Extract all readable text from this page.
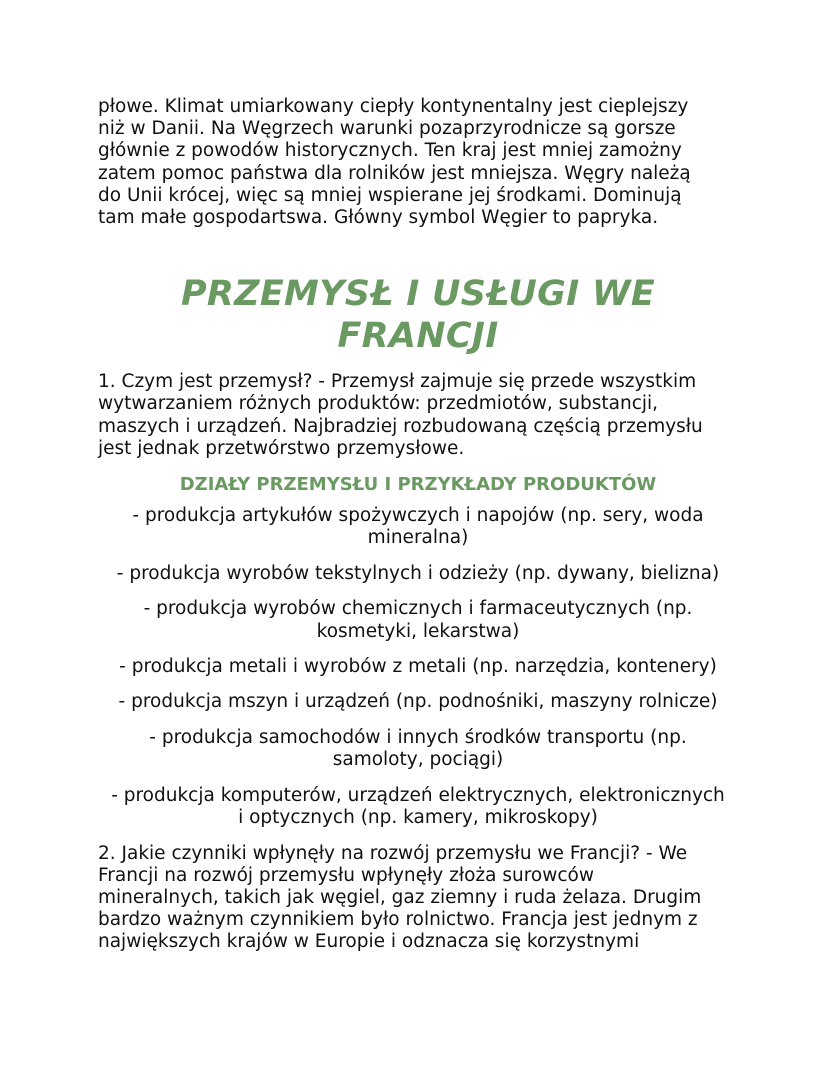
płowe. Klimat umiarkowany ciepły kontynentalny jest cieplejszy
niż w Danii. Na Węgrzech warunki pozaprzyrodnicze są gorsze
głównie z powodów historycznych. Ten kraj jest mniej zamożny
zatem pomoc państwa dla rolników jest mniejsza. Węgry należą
do Unii krócej, więc są mniej wspierane jej środkami. Dominują
tam małe gospodartswa. Główny symbol Węgier to papryka.

PRZEMYSŁ I USŁUGI WE
FRANCJI

1. Czym jest przemysł? - Przemysł zajmuje się przede wszystkim
wytwarzaniem różnych produktów: przedmiotów, substancji,
maszych i urządzeń. Najbradziej rozbudowaną częścią przemysłu
jest jednak przetwórstwo przemysłowe.

DZIAŁY PRZEMYSŁU I PRZYKŁADY PRODUKTÓW
- produkcja artykułów spożywczych i napojów (np. sery, woda
mineralna)
- produkcja wyrobów tekstylnych i odzieży (np. dywany, bielizna)
- produkcja wyrobów chemicznych i farmaceutycznych (np.
kosmetyki, lekarstwa)
- produkcja metali i wyrobów z metali (np. narzędzia, kontenery)
- produkcja mszyn i urządzeń (np. podnośniki, maszyny rolnicze)
- produkcja samochodów i innych środków transportu (np.
samoloty, pociągi)
- produkcja komputerów, urządzeń elektrycznych, elektronicznych
i optycznych (np. kamery, mikroskopy)

2. Jakie czynniki wpłynęły na rozwój przemysłu we Francji? - We
Francji na rozwój przemysłu wpłynęły złoża surowców
mineralnych, takich jak węgiel, gaz ziemny i ruda żelaza. Drugim
bardzo ważnym czynnikiem było rolnictwo. Francja jest jednym z
największych krajów w Europie i odznacza się korzystnymi
